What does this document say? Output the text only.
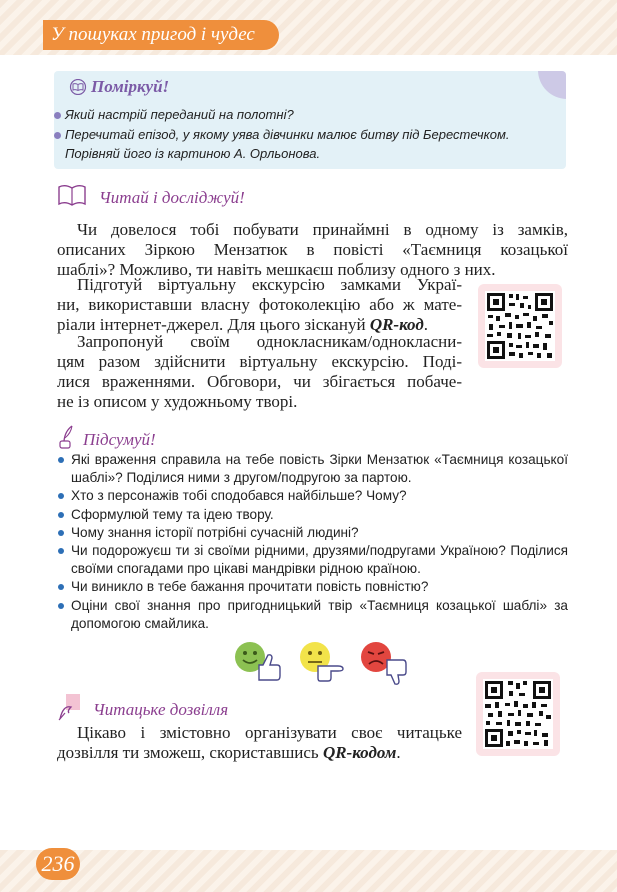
У пошуках пригод і чудес
Поміркуй!
Який настрій переданий на полотні?
Перечитай епізод, у якому уява дівчинки малює битву під Берестечком.
Порівняй його із картиною А. Орльонова.
Читай і досліджуй!
Чи довелося тобі побувати принаймні в одному із замків,
описаних Зіркою Мензатюк в повісті «Таємниця козацької
шаблі»? Можливо, ти навіть мешкаєш поблизу одного з них.
Підготуй віртуальну екскурсію замками Украї-
ни, використавши власну фотоколекцію або ж мате-
ріали інтернет-джерел. Для цього зіскануй QR-код.
Запропонуй своїм однокласникам/однокласни-
цям разом здійснити віртуальну екскурсію. Поді-
лися враженнями. Обговори, чи збігається побаче-
не із описом у художньому творі.
Підсумуй!
Які враження справила на тебе повість Зірки Мензатюк «Таємниця козацької шаблі»? Поділися ними з другом/подругою за партою.
Хто з персонажів тобі сподобався найбільше? Чому?
Сформулюй тему та ідею твору.
Чому знання історії потрібні сучасній людині?
Чи подорожуєш ти зі своїми рідними, друзями/подругами Україною? Поділися своїми спогадами про цікаві мандрівки рідною країною.
Чи виникло в тебе бажання прочитати повість повністю?
Оціни свої знання про пригодницький твір «Таємниця козацької шаблі» за допомогою смайлика.
Читацьке дозвілля
Цікаво і змістовно організувати своє читацьке
дозвілля ти зможеш, скориставшись QR-кодом.
236
